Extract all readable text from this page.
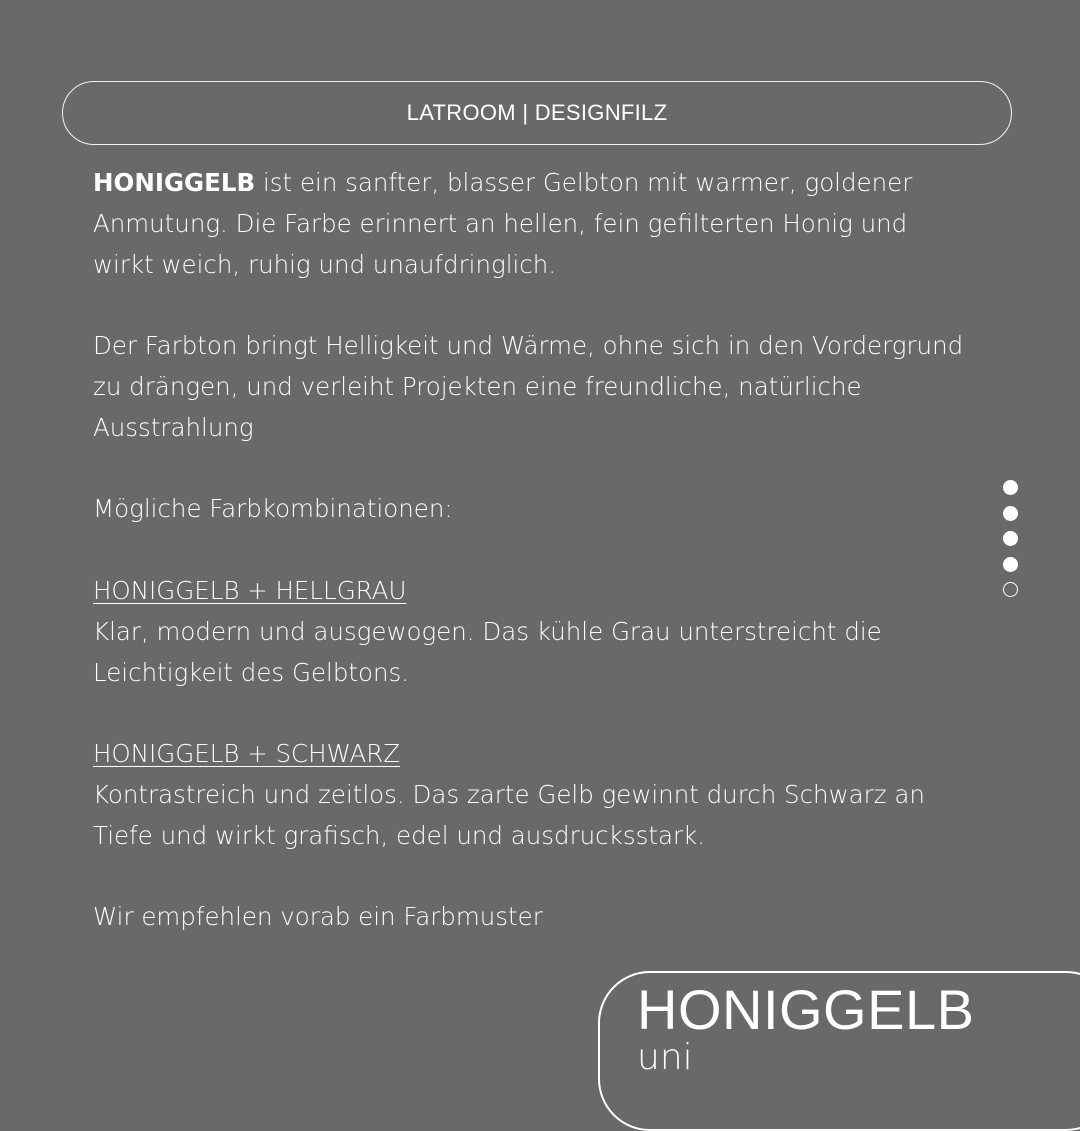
LATROOM | DESIGNFILZ

HONIGGELB ist ein sanfter, blasser Gelbton mit warmer, goldener Anmutung. Die Farbe erinnert an hellen, fein gefilterten Honig und wirkt weich, ruhig und unaufdringlich.

Der Farbton bringt Helligkeit und Wärme, ohne sich in den Vordergrund zu drängen, und verleiht Projekten eine freundliche, natürliche Ausstrahlung

Mögliche Farbkombinationen:

HONIGGELB + HELLGRAU
Klar, modern und ausgewogen. Das kühle Grau unterstreicht die Leichtigkeit des Gelbtons.

HONIGGELB + SCHWARZ
Kontrastreich und zeitlos. Das zarte Gelb gewinnt durch Schwarz an Tiefe und wirkt grafisch, edel und ausdrucksstark.

Wir empfehlen vorab ein Farbmuster

HONIGGELB
uni
